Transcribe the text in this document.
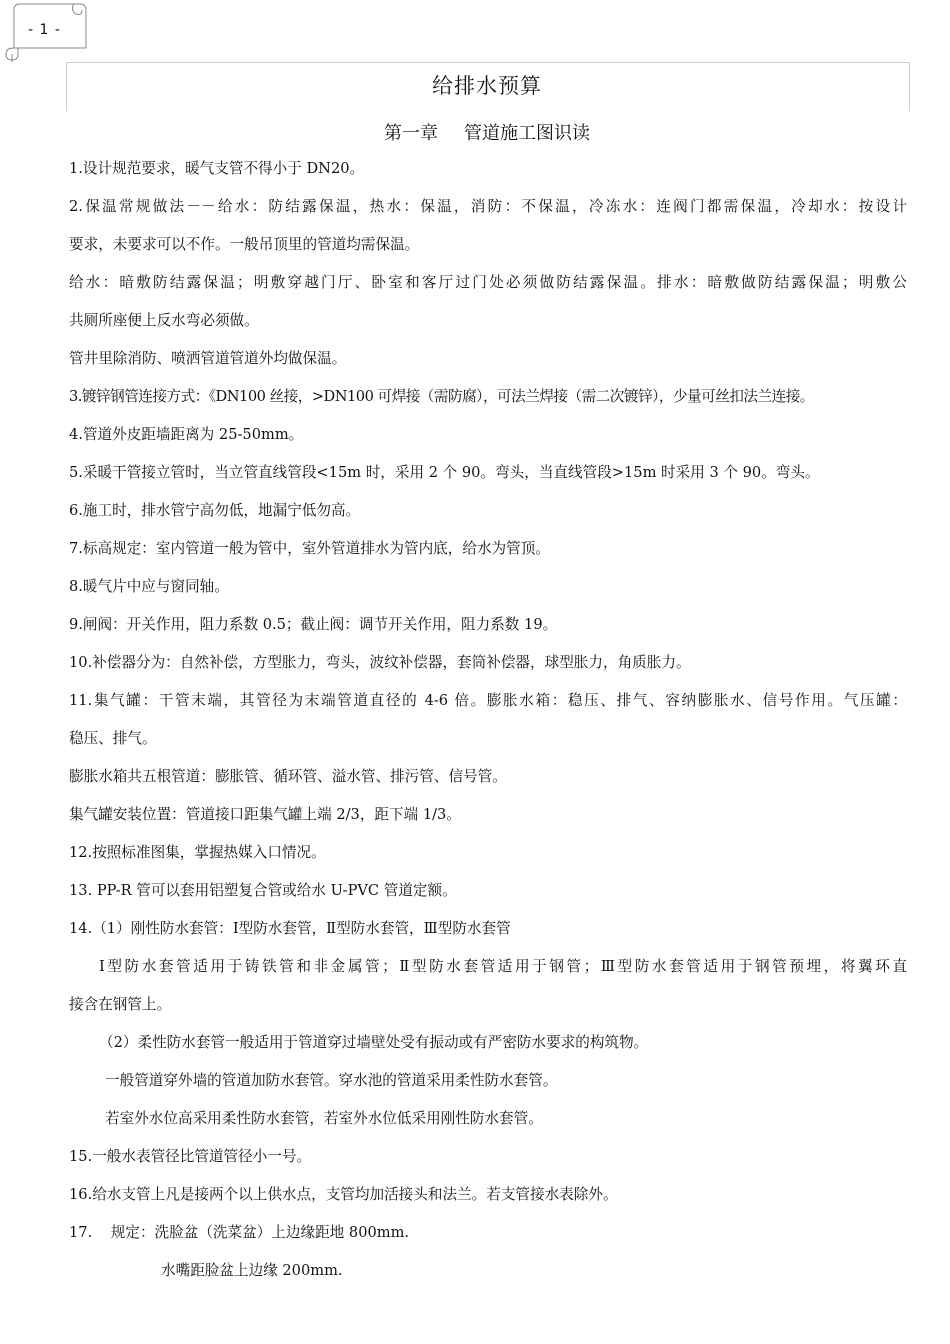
- 1 -
给排水预算
第一章 管道施工图识读
1.设计规范要求，暖气支管不得小于 DN20。
2.保温常规做法－－给水：防结露保温，热水：保温，消防：不保温，冷冻水：连阀门都需保温，冷却水：按设计
要求，未要求可以不作。一般吊顶里的管道均需保温。
给水：暗敷防结露保温；明敷穿越门厅、卧室和客厅过门处必须做防结露保温。排水：暗敷做防结露保温；明敷公
共厕所座便上反水弯必须做。
管井里除消防、喷洒管道管道外均做保温。
3.镀锌钢管连接方式：《DN100 丝接，>DN100 可焊接（需防腐），可法兰焊接（需二次镀锌），少量可丝扣法兰连接。
4.管道外皮距墙距离为 25-50mm。
5.采暖干管接立管时，当立管直线管段<15m 时，采用 2 个 90。弯头，当直线管段>15m 时采用 3 个 90。弯头。
6.施工时，排水管宁高勿低，地漏宁低勿高。
7.标高规定：室内管道一般为管中，室外管道排水为管内底，给水为管顶。
8.暖气片中应与窗同轴。
9.闸阀：开关作用，阻力系数 0.5；截止阀：调节开关作用，阻力系数 19。
10.补偿器分为：自然补偿，方型胀力，弯头，波纹补偿器，套筒补偿器，球型胀力，角质胀力。
11.集气罐：干管末端，其管径为末端管道直径的 4-6 倍。膨胀水箱：稳压、排气、容纳膨胀水、信号作用。气压罐：
稳压、排气。
膨胀水箱共五根管道：膨胀管、循环管、溢水管、排污管、信号管。
集气罐安装位置：管道接口距集气罐上端 2/3，距下端 1/3。
12.按照标准图集，掌握热媒入口情况。
13. PP-R 管可以套用铝塑复合管或给水 U-PVC 管道定额。
14.（1）刚性防水套管：Ⅰ型防水套管，Ⅱ型防水套管，Ⅲ型防水套管
Ⅰ型防水套管适用于铸铁管和非金属管；Ⅱ型防水套管适用于钢管；Ⅲ型防水套管适用于钢管预埋，将翼环直
接含在钢管上。
（2）柔性防水套管一般适用于管道穿过墙壁处受有振动或有严密防水要求的构筑物。
一般管道穿外墙的管道加防水套管。穿水池的管道采用柔性防水套管。
若室外水位高采用柔性防水套管，若室外水位低采用刚性防水套管。
15.一般水表管径比管道管径小一号。
16.给水支管上凡是接两个以上供水点，支管均加活接头和法兰。若支管接水表除外。
17.    规定：洗脸盆（洗菜盆）上边缘距地 800mm.
水嘴距脸盆上边缘 200mm.
